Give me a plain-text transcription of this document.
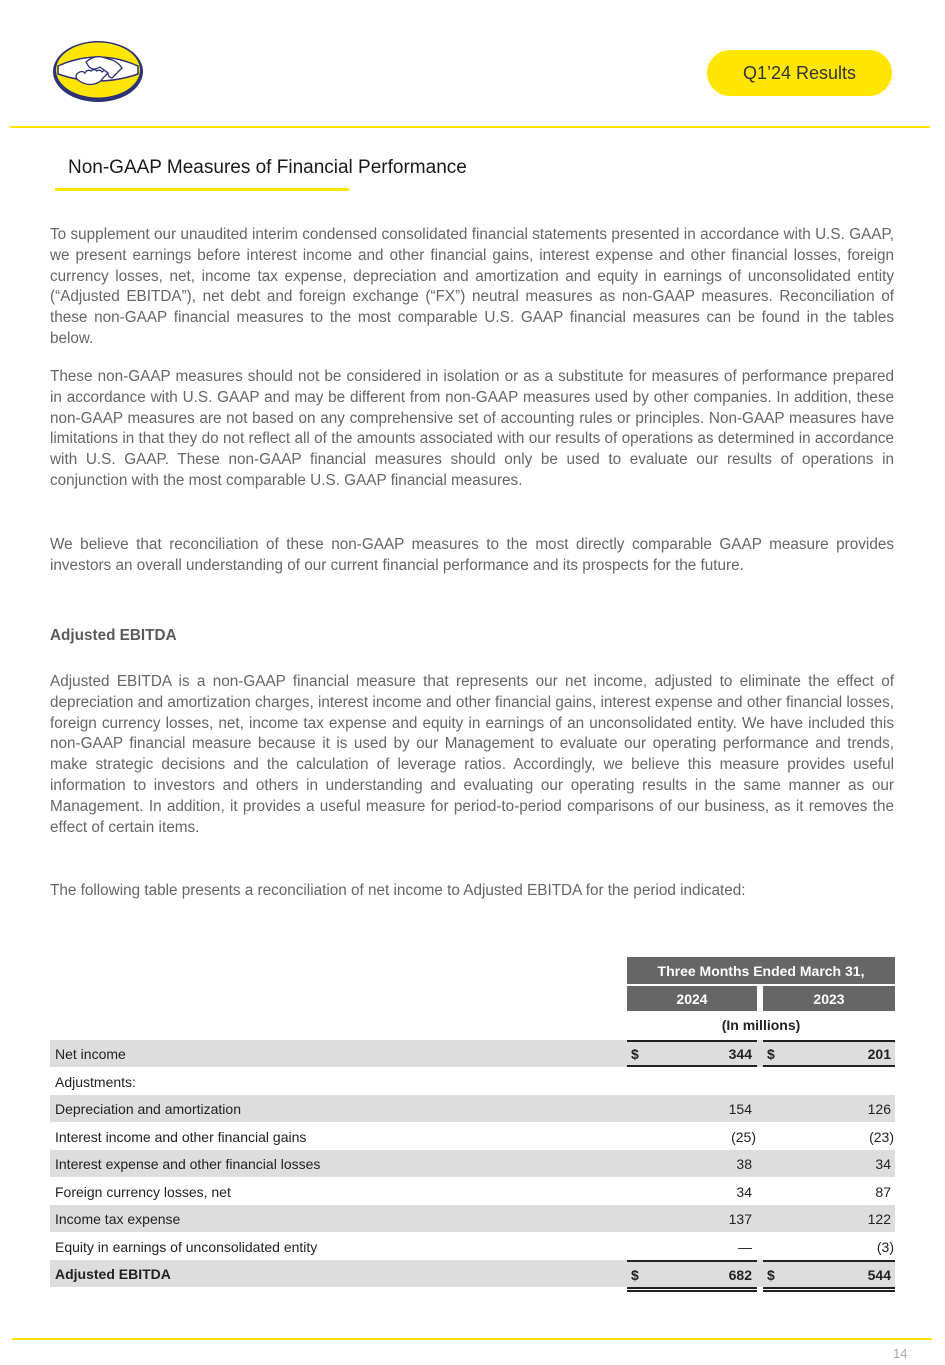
Q1’24 Results
Non-GAAP Measures of Financial Performance

To supplement our unaudited interim condensed consolidated financial statements presented in accordance with U.S. GAAP, we present earnings before interest income and other financial gains, interest expense and other financial losses, foreign currency losses, net, income tax expense, depreciation and amortization and equity in earnings of unconsolidated entity (“Adjusted EBITDA”), net debt and foreign exchange (“FX”) neutral measures as non-GAAP measures. Reconciliation of these non-GAAP financial measures to the most comparable U.S. GAAP financial measures can be found in the tables below.

These non-GAAP measures should not be considered in isolation or as a substitute for measures of performance prepared in accordance with U.S. GAAP and may be different from non-GAAP measures used by other companies. In addition, these non-GAAP measures are not based on any comprehensive set of accounting rules or principles. Non-GAAP measures have limitations in that they do not reflect all of the amounts associated with our results of operations as determined in accordance with U.S. GAAP. These non-GAAP financial measures should only be used to evaluate our results of operations in conjunction with the most comparable U.S. GAAP financial measures.

We believe that reconciliation of these non-GAAP measures to the most directly comparable GAAP measure provides investors an overall understanding of our current financial performance and its prospects for the future.

Adjusted EBITDA

Adjusted EBITDA is a non-GAAP financial measure that represents our net income, adjusted to eliminate the effect of depreciation and amortization charges, interest income and other financial gains, interest expense and other financial losses, foreign currency losses, net, income tax expense and equity in earnings of an unconsolidated entity. We have included this non-GAAP financial measure because it is used by our Management to evaluate our operating performance and trends, make strategic decisions and the calculation of leverage ratios. Accordingly, we believe this measure provides useful information to investors and others in understanding and evaluating our operating results in the same manner as our Management. In addition, it provides a useful measure for period-to-period comparisons of our business, as it removes the effect of certain items.

The following table presents a reconciliation of net income to Adjusted EBITDA for the period indicated:

Three Months Ended March 31,
2024	2023
(In millions)
Net income	$	344 $	201
Adjustments:
Depreciation and amortization	154	126
Interest income and other financial gains	(25)	(23)
Interest expense and other financial losses	38	34
Foreign currency losses, net	34	87
Income tax expense	137	122
Equity in earnings of unconsolidated entity	—	(3)
Adjusted EBITDA	$	682 $	544
14
